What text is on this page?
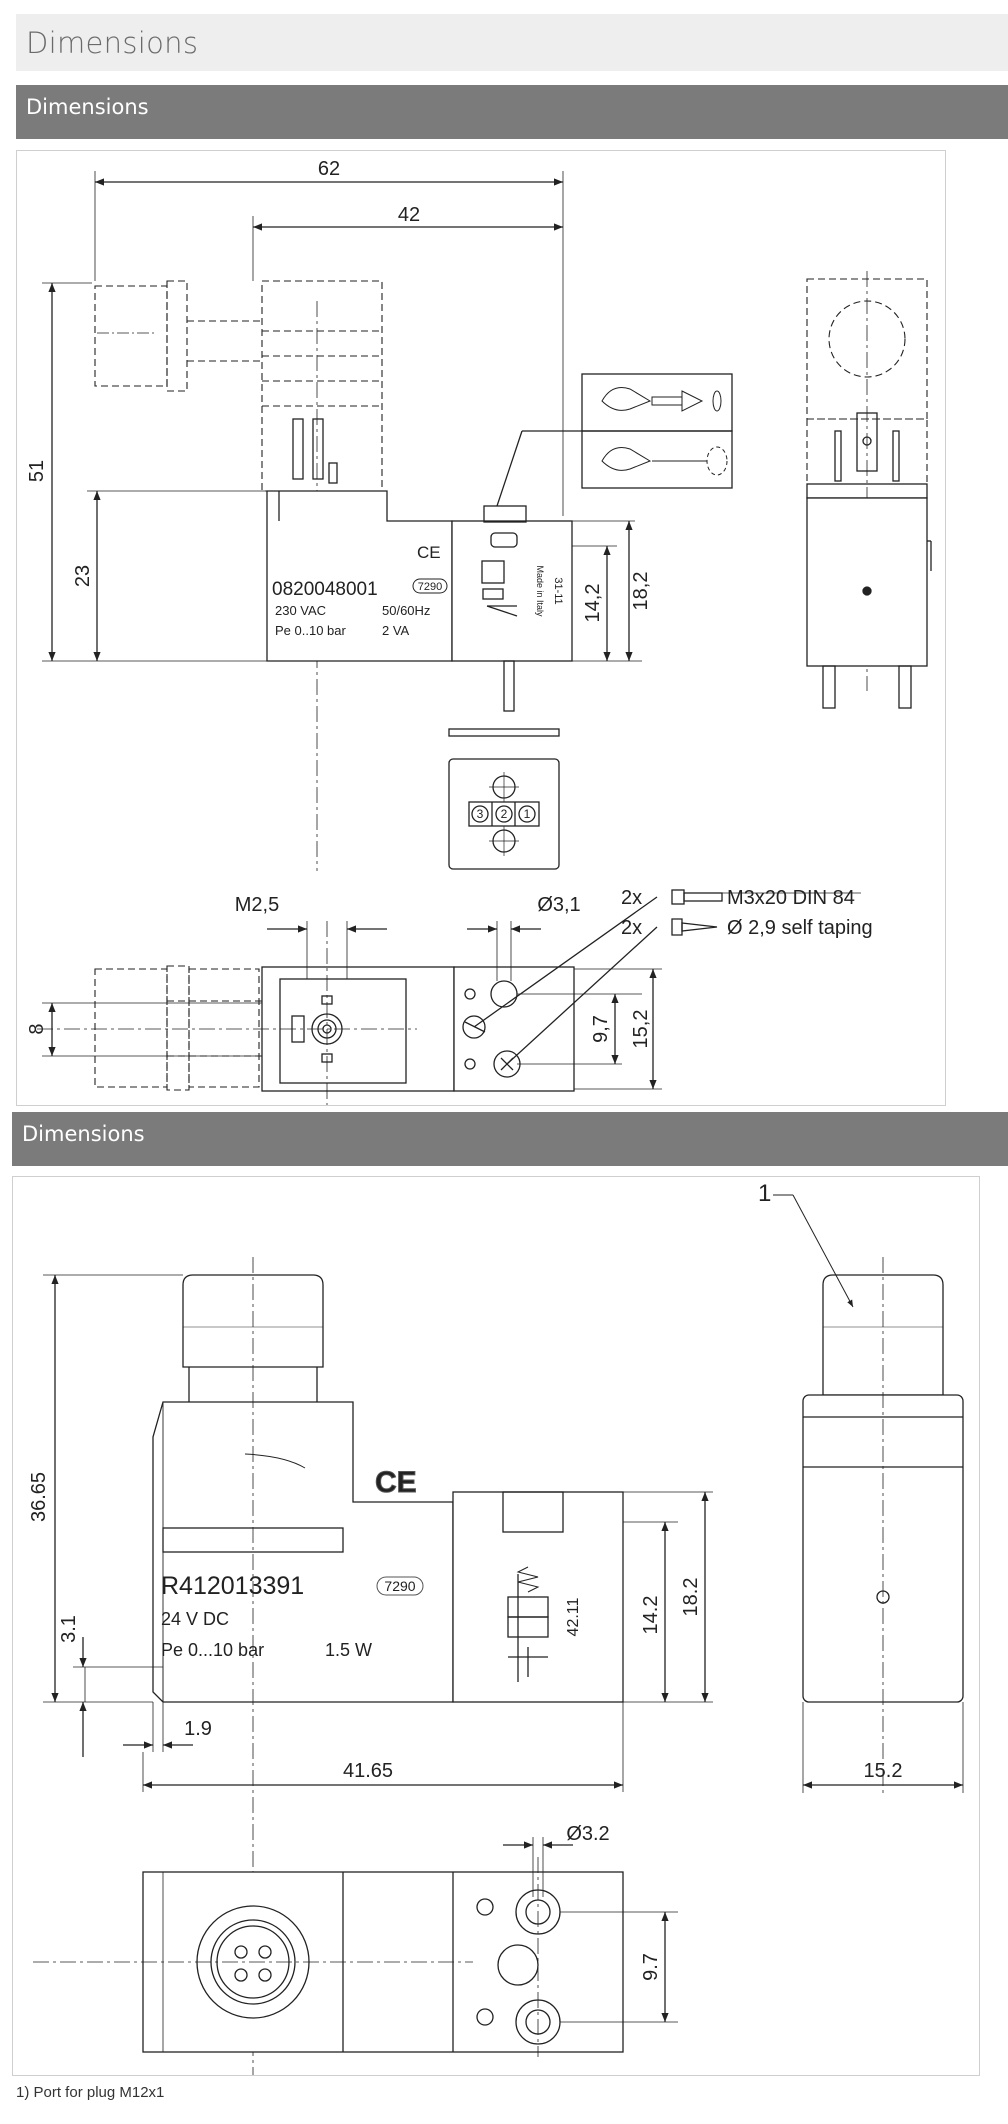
Dimensions
Dimensions
62
42
51
23
14,2 18,2
M2,5	Ø3,1
8	9,7 15,2
2x	M3x20 DIN 84
2x	Ø 2,9 self taping
CE
0820048001	7290
230 VAC	50/60Hz
Pe 0..10 bar	2 VA
Made in Italy 31-11
3 2 1
Dimensions
1
36.65
3.1
1.9
41.65
14.2 18.2
15.2
Ø3.2
9.7
CE
R412013391	7290
24 V DC
Pe 0...10 bar	1.5 W
42.11
1) Port for plug M12x1
